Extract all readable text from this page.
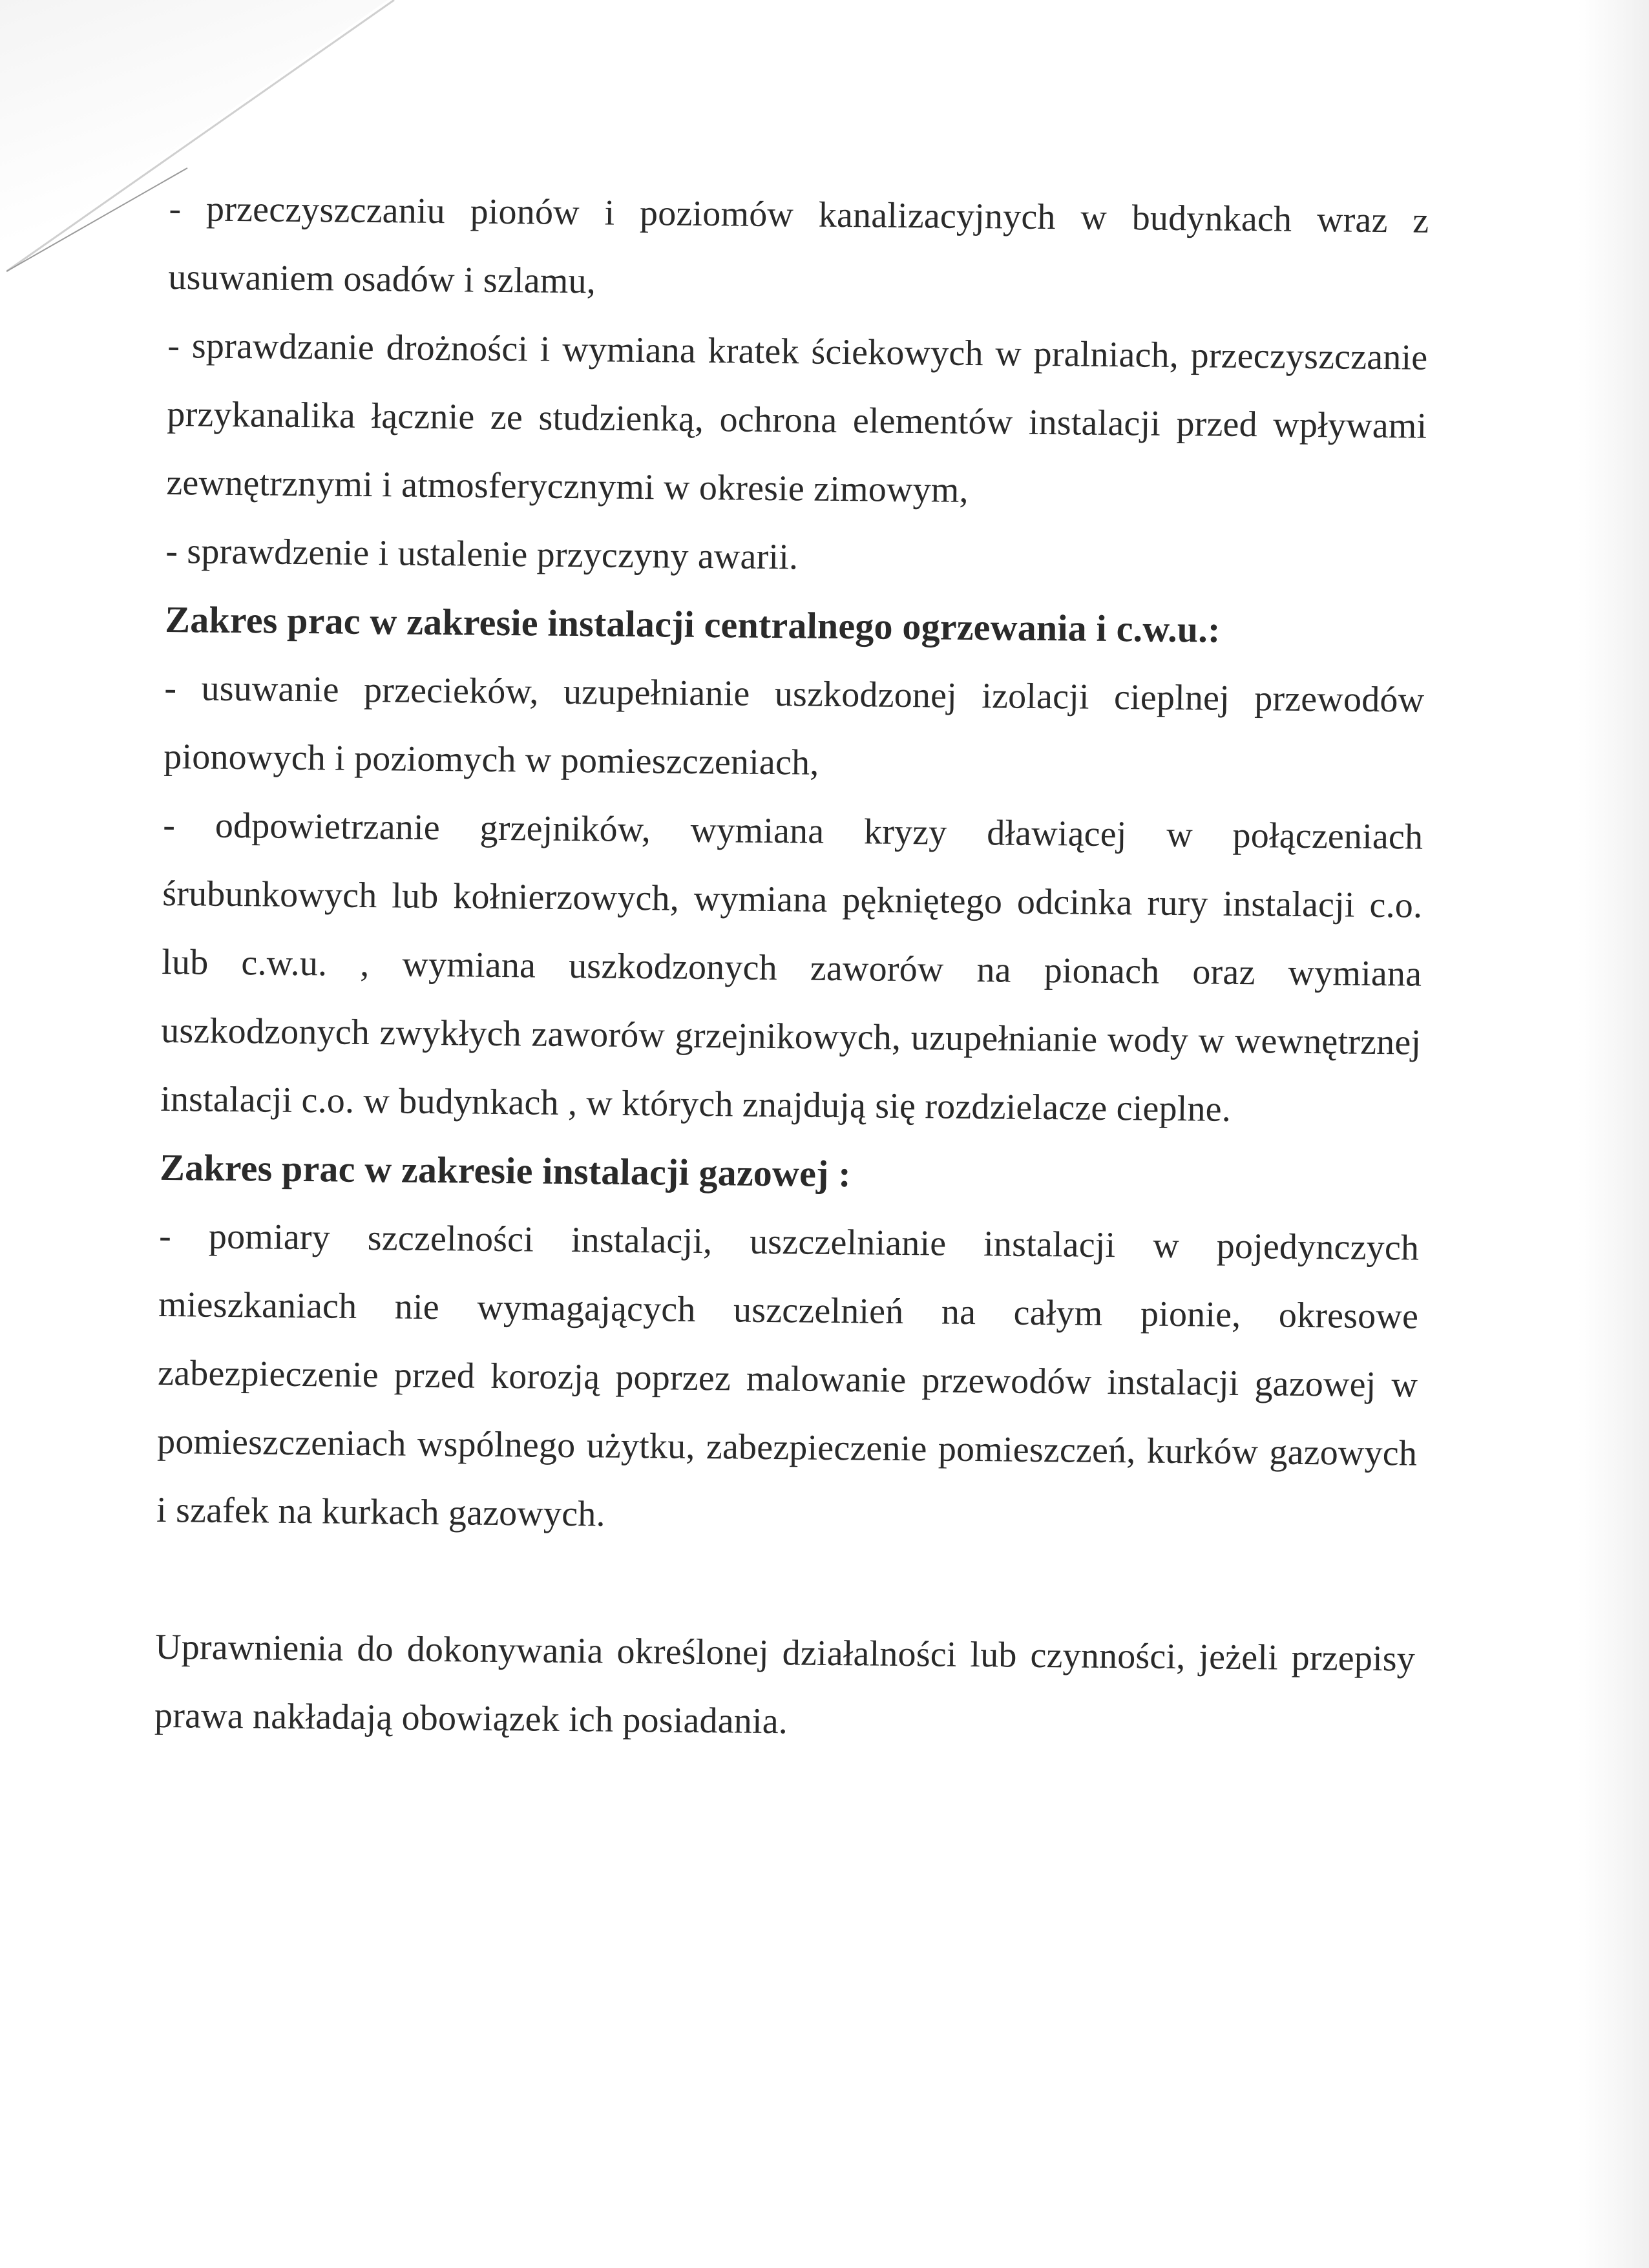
- przeczyszczaniu pionów i poziomów kanalizacyjnych w budynkach wraz z usuwaniem osadów i szlamu,

- sprawdzanie drożności i wymiana kratek ściekowych w pralniach, przeczyszczanie przykanalika łącznie ze studzienką, ochrona elementów instalacji przed wpływami zewnętrznymi i atmosferycznymi w okresie zimowym,

- sprawdzenie i ustalenie przyczyny awarii.

Zakres prac w zakresie instalacji centralnego ogrzewania i c.w.u.:

- usuwanie przecieków, uzupełnianie uszkodzonej izolacji cieplnej przewodów pionowych i poziomych w pomieszczeniach,

- odpowietrzanie grzejników, wymiana kryzy dławiącej w połączeniach śrubunkowych lub kołnierzowych, wymiana pękniętego odcinka rury instalacji c.o. lub c.w.u. , wymiana uszkodzonych zaworów na pionach oraz wymiana uszkodzonych zwykłych zaworów grzejnikowych, uzupełnianie wody w wewnętrznej instalacji c.o. w budynkach , w których znajdują się rozdzielacze cieplne.

Zakres prac w zakresie instalacji gazowej :

- pomiary szczelności instalacji, uszczelnianie instalacji w pojedynczych mieszkaniach nie wymagających uszczelnień na całym pionie, okresowe zabezpieczenie przed korozją poprzez malowanie przewodów instalacji gazowej w pomieszczeniach wspólnego użytku, zabezpieczenie pomieszczeń, kurków gazowych i szafek na kurkach gazowych.

Uprawnienia do dokonywania określonej działalności lub czynności, jeżeli przepisy prawa nakładają obowiązek ich posiadania.
